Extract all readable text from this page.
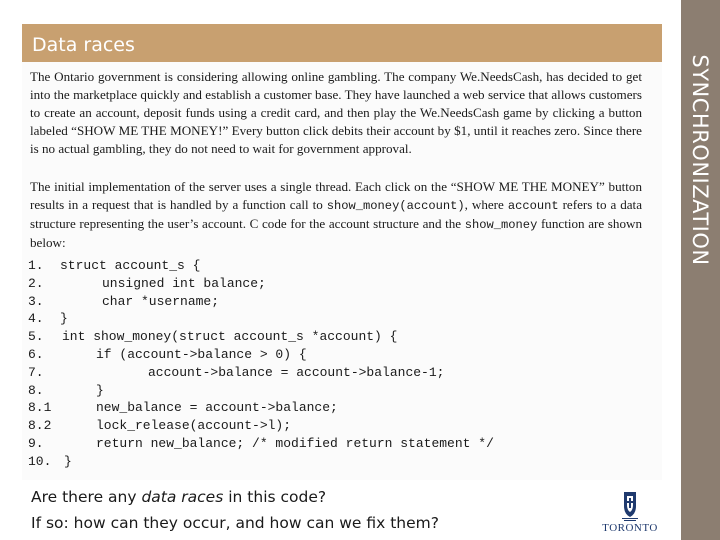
Data races
SYNCHRONIZATION
The Ontario government is considering allowing online gambling. The company We.NeedsCash, has decided to get into the marketplace quickly and establish a customer base. They have launched a web service that allows customers to create an account, deposit funds using a credit card, and then play the We.NeedsCash game by clicking a button labeled “SHOW ME THE MONEY!” Every button click debits their account by $1, until it reaches zero. Since there is no actual gambling, they do not need to wait for government approval.
The initial implementation of the server uses a single thread. Each click on the “SHOW ME THE MONEY” button results in a request that is handled by a function call to show_money(account), where account refers to a data structure representing the user’s account. C code for the account structure and the show_money function are shown below:
1.	struct account_s {
2.	unsigned int balance;
3.	char *username;
4.	}
5.	int show_money(struct account_s *account) {
6.	if (account->balance > 0) {
7.	account->balance = account->balance-1;
8.	}
8.1	new_balance = account->balance;
8.2	lock_release(account->l);
9.	return new_balance; /* modified return statement */
10. }
Are there any data races in this code?
If so: how can they occur, and how can we fix them?	TORONTO
